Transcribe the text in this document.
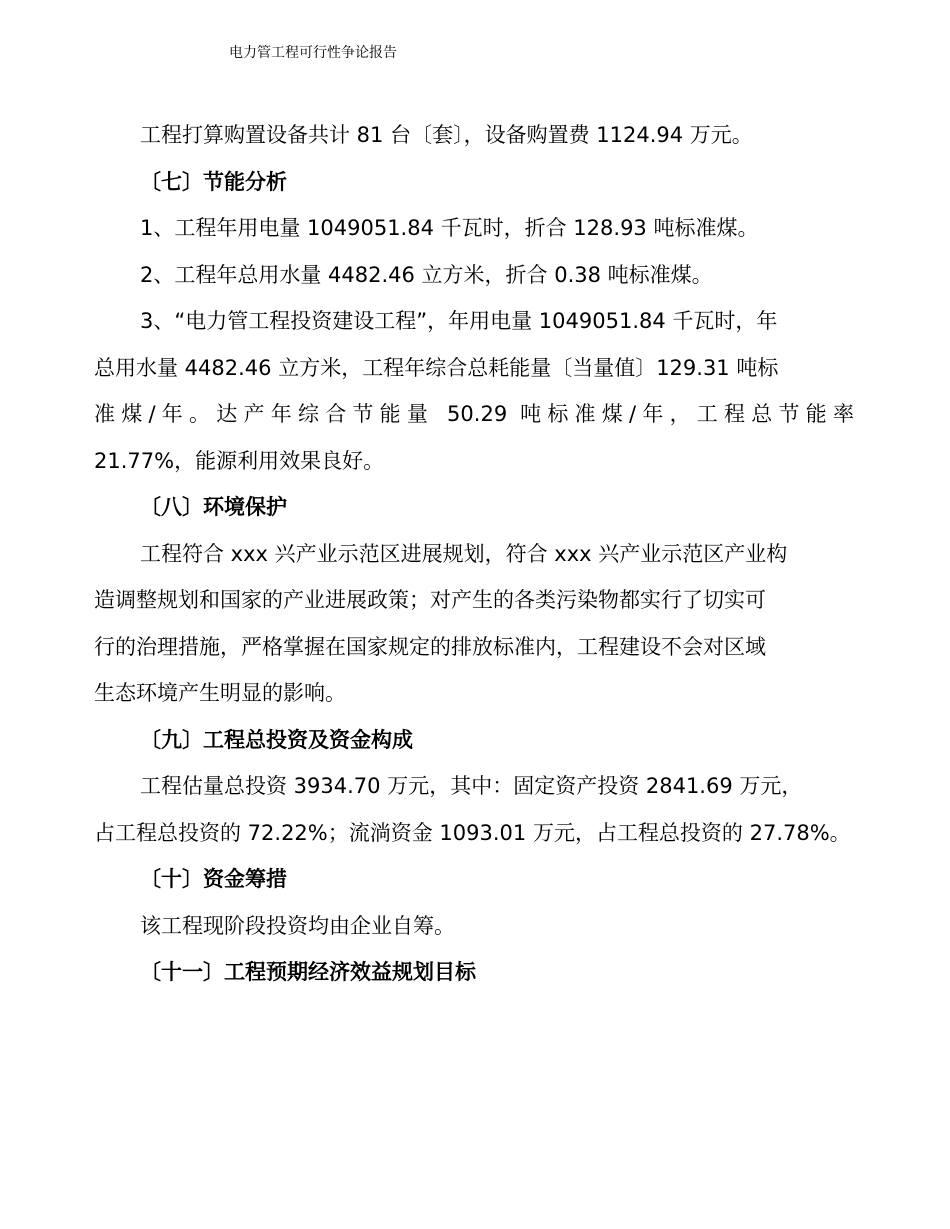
电力管工程可行性争论报告
工程打算购置设备共计 81 台〔套〕，设备购置费 1124.94 万元。
〔七〕节能分析
1、工程年用电量 1049051.84 千瓦时，折合 128.93 吨标准煤。
2、工程年总用水量 4482.46 立方米，折合 0.38 吨标准煤。
3、“电力管工程投资建设工程”，年用电量 1049051.84 千瓦时，年
总用水量 4482.46 立方米，工程年综合总耗能量〔当量值〕129.31 吨标
准煤/年。达产年综合节能量 50.29 吨标准煤/年，工程总节能率
21.77%，能源利用效果良好。
〔八〕环境保护
工程符合 xxx 兴产业示范区进展规划，符合 xxx 兴产业示范区产业构
造调整规划和国家的产业进展政策；对产生的各类污染物都实行了切实可
行的治理措施，严格掌握在国家规定的排放标准内，工程建设不会对区域
生态环境产生明显的影响。
〔九〕工程总投资及资金构成
工程估量总投资 3934.70 万元，其中：固定资产投资 2841.69 万元，
占工程总投资的 72.22%；流淌资金 1093.01 万元，占工程总投资的 27.78%。
〔十〕资金筹措
该工程现阶段投资均由企业自筹。
〔十一〕工程预期经济效益规划目标
